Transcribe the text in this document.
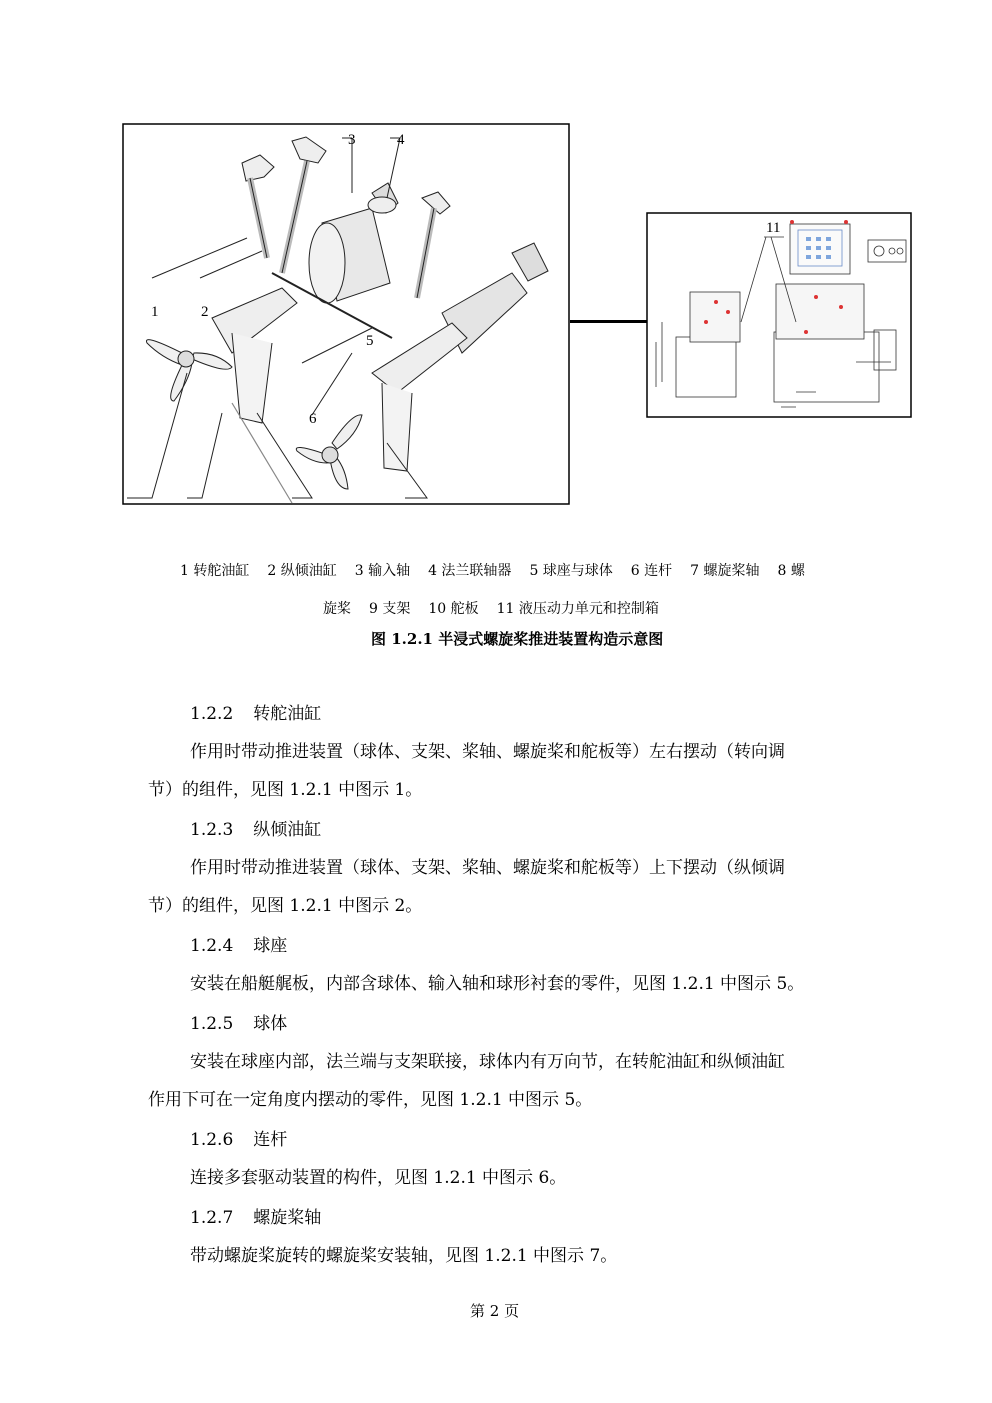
3	4
1	2
5
6
11
1 转舵油缸 2 纵倾油缸 3 输入轴 4 法兰联轴器 5 球座与球体 6 连杆 7 螺旋桨轴 8 螺
旋桨 9 支架 10 舵板 11 液压动力单元和控制箱
图 1.2.1 半浸式螺旋桨推进装置构造示意图
1.2.2 转舵油缸
作用时带动推进装置（球体、支架、桨轴、螺旋桨和舵板等）左右摆动（转向调
节）的组件，见图 1.2.1 中图示 1。
1.2.3 纵倾油缸
作用时带动推进装置（球体、支架、桨轴、螺旋桨和舵板等）上下摆动（纵倾调
节）的组件，见图 1.2.1 中图示 2。
1.2.4 球座
安装在船艇艉板，内部含球体、输入轴和球形衬套的零件，见图 1.2.1 中图示 5。
1.2.5 球体
安装在球座内部，法兰端与支架联接，球体内有万向节，在转舵油缸和纵倾油缸
作用下可在一定角度内摆动的零件，见图 1.2.1 中图示 5。
1.2.6 连杆
连接多套驱动装置的构件，见图 1.2.1 中图示 6。
1.2.7 螺旋桨轴
带动螺旋桨旋转的螺旋桨安装轴，见图 1.2.1 中图示 7。
第 2 页
